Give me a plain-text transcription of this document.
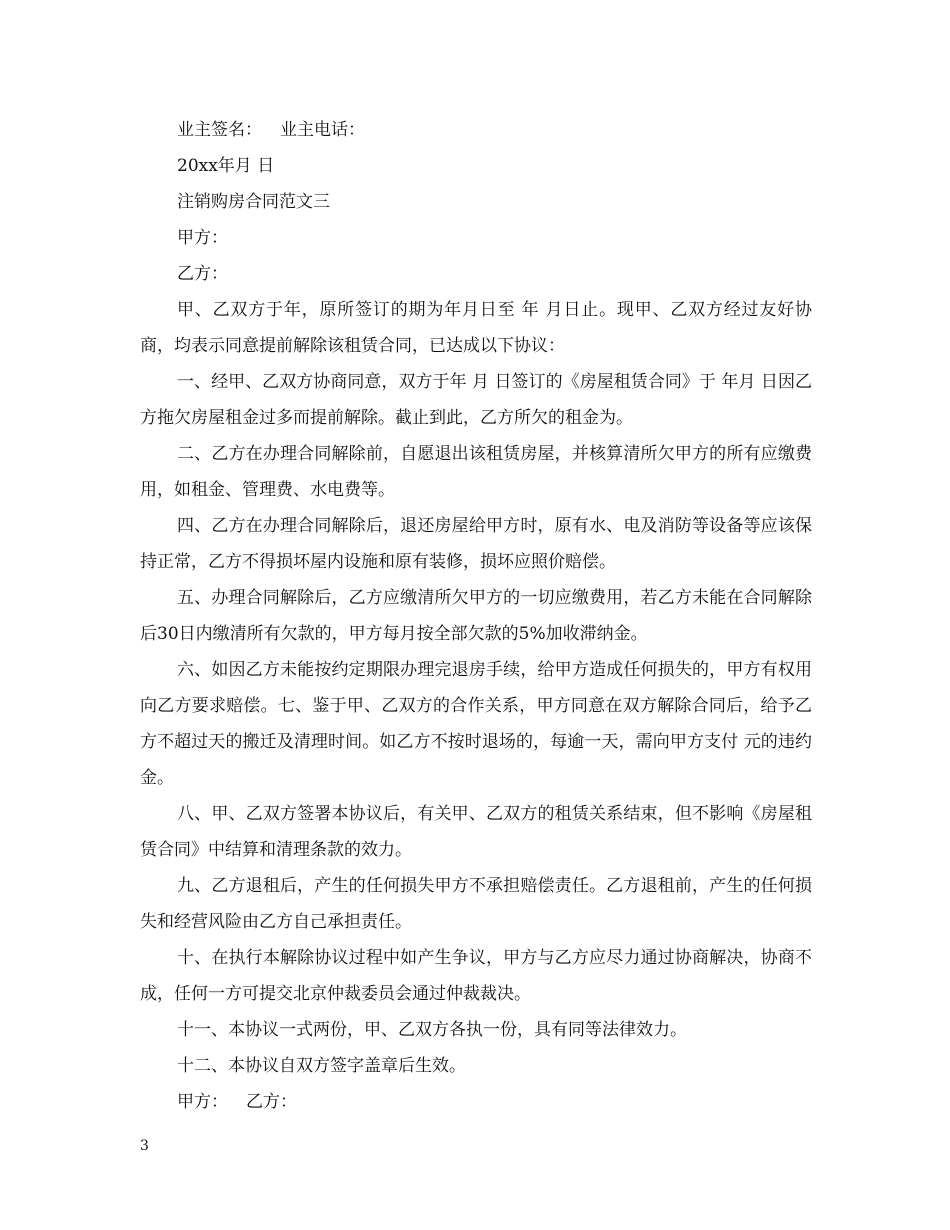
业主签名： 业主电话：

20xx年月 日

注销购房合同范文三

甲方：

乙方：

甲、乙双方于年，原所签订的期为年月日至 年 月日止。现甲、乙双方经过友好协商，均表示同意提前解除该租赁合同，已达成以下协议：

一、经甲、乙双方协商同意，双方于年 月 日签订的《房屋租赁合同》于 年月 日因乙方拖欠房屋租金过多而提前解除。截止到此，乙方所欠的租金为。

二、乙方在办理合同解除前，自愿退出该租赁房屋，并核算清所欠甲方的所有应缴费用，如租金、管理费、水电费等。

四、乙方在办理合同解除后，退还房屋给甲方时，原有水、电及消防等设备等应该保持正常，乙方不得损坏屋内设施和原有装修，损坏应照价赔偿。

五、办理合同解除后，乙方应缴清所欠甲方的一切应缴费用，若乙方未能在合同解除后30日内缴清所有欠款的，甲方每月按全部欠款的5%加收滞纳金。

六、如因乙方未能按约定期限办理完退房手续，给甲方造成任何损失的，甲方有权用向乙方要求赔偿。七、鉴于甲、乙双方的合作关系，甲方同意在双方解除合同后，给予乙方不超过天的搬迁及清理时间。如乙方不按时退场的，每逾一天，需向甲方支付 元的违约金。

八、甲、乙双方签署本协议后，有关甲、乙双方的租赁关系结束，但不影响《房屋租赁合同》中结算和清理条款的效力。

九、乙方退租后，产生的任何损失甲方不承担赔偿责任。乙方退租前，产生的任何损失和经营风险由乙方自己承担责任。

十、在执行本解除协议过程中如产生争议，甲方与乙方应尽力通过协商解决，协商不成，任何一方可提交北京仲裁委员会通过仲裁裁决。

十一、本协议一式两份，甲、乙双方各执一份，具有同等法律效力。

十二、本协议自双方签字盖章后生效。

甲方： 乙方：

3
